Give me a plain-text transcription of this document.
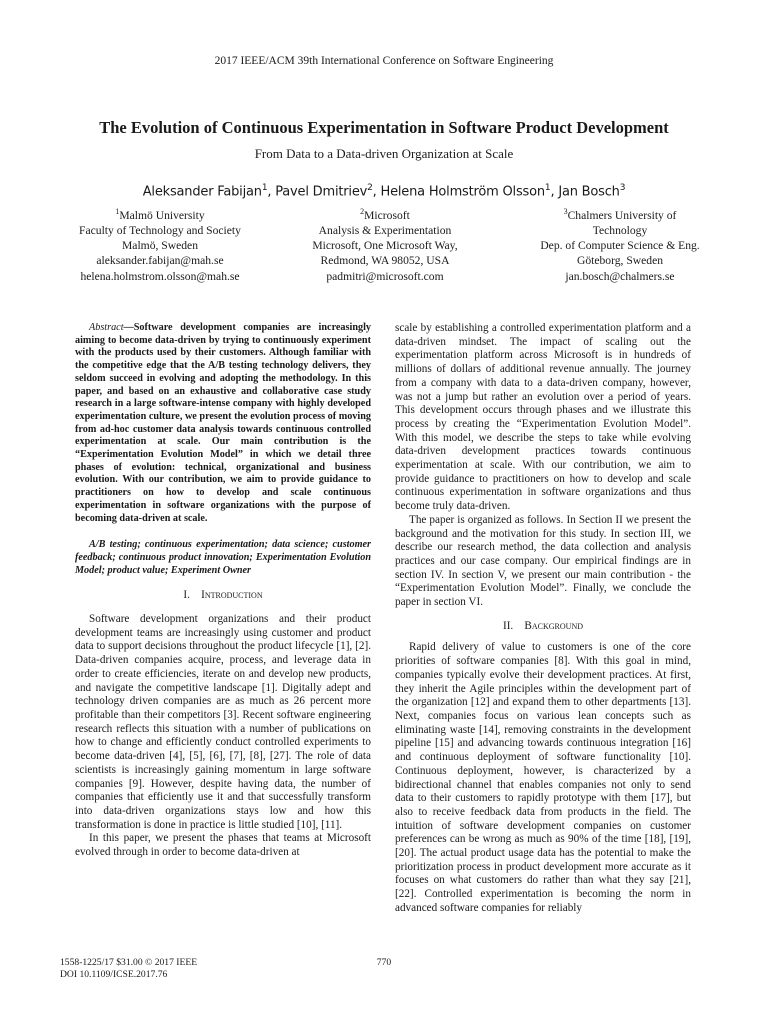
2017 IEEE/ACM 39th International Conference on Software Engineering
The Evolution of Continuous Experimentation in Software Product Development
From Data to a Data-driven Organization at Scale
Aleksander Fabijan$^1$, Pavel Dmitriev$^2$, Helena Holmström Olsson$^1$, Jan Bosch$^3$
$^1$Malmö University
Faculty of Technology and Society
Malmö, Sweden
aleksander.fabijan@mah.se
helena.holmstrom.olsson@mah.se
$^2$Microsoft
Analysis & Experimentation
Microsoft, One Microsoft Way,
Redmond, WA 98052, USA
padmitri@microsoft.com
$^3$Chalmers University of
Technology
Dep. of Computer Science & Eng.
Göteborg, Sweden
jan.bosch@chalmers.se

Abstract—Software development companies are increasingly aiming to become data-driven by trying to continuously experiment with the products used by their customers. Although familiar with the competitive edge that the A/B testing technology delivers, they seldom succeed in evolving and adopting the methodology. In this paper, and based on an exhaustive and collaborative case study research in a large software-intense company with highly developed experimentation culture, we present the evolution process of moving from ad-hoc customer data analysis towards continuous controlled experimentation at scale. Our main contribution is the “Experimentation Evolution Model” in which we detail three phases of evolution: technical, organizational and business evolution. With our contribution, we aim to provide guidance to practitioners on how to develop and scale continuous experimentation in software organizations with the purpose of becoming data-driven at scale.

A/B testing; continuous experimentation; data science; customer feedback; continuous product innovation; Experimentation Evolution Model; product value; Experiment Owner

I. Introduction

Software development organizations and their product development teams are increasingly using customer and product data to support decisions throughout the product lifecycle [1], [2]. Data-driven companies acquire, process, and leverage data in order to create efficiencies, iterate on and develop new products, and navigate the competitive landscape [1]. Digitally adept and technology driven companies are as much as 26 percent more profitable than their competitors [3]. Recent software engineering research reflects this situation with a number of publications on how to change and efficiently conduct controlled experiments to become data-driven [4], [5], [6], [7], [8], [27]. The role of data scientists is increasingly gaining momentum in large software companies [9]. However, despite having data, the number of companies that efficiently use it and that successfully transform into data-driven organizations stays low and how this transformation is done in practice is little studied [10], [11].

In this paper, we present the phases that teams at Microsoft evolved through in order to become data-driven at

scale by establishing a controlled experimentation platform and a data-driven mindset. The impact of scaling out the experimentation platform across Microsoft is in hundreds of millions of dollars of additional revenue annually. The journey from a company with data to a data-driven company, however, was not a jump but rather an evolution over a period of years. This development occurs through phases and we illustrate this process by creating the “Experimentation Evolution Model”. With this model, we describe the steps to take while evolving data-driven development practices towards continuous experimentation at scale. With our contribution, we aim to provide guidance to practitioners on how to develop and scale continuous experimentation in software organizations and thus become truly data-driven.

The paper is organized as follows. In Section II we present the background and the motivation for this study. In section III, we describe our research method, the data collection and analysis practices and our case company. Our empirical findings are in section IV. In section V, we present our main contribution - the “Experimentation Evolution Model”. Finally, we conclude the paper in section VI.

II. Background

Rapid delivery of value to customers is one of the core priorities of software companies [8]. With this goal in mind, companies typically evolve their development practices. At first, they inherit the Agile principles within the development part of the organization [12] and expand them to other departments [13]. Next, companies focus on various lean concepts such as eliminating waste [14], removing constraints in the development pipeline [15] and advancing towards continuous integration [16] and continuous deployment of software functionality [10]. Continuous deployment, however, is characterized by a bidirectional channel that enables companies not only to send data to their customers to rapidly prototype with them [17], but also to receive feedback data from products in the field. The intuition of software development companies on customer preferences can be wrong as much as 90% of the time [18], [19], [20]. The actual product usage data has the potential to make the prioritization process in product development more accurate as it focuses on what customers do rather than what they say [21], [22]. Controlled experimentation is becoming the norm in advanced software companies for reliably

1558-1225/17 $31.00 © 2017 IEEE
DOI 10.1109/ICSE.2017.76
770
